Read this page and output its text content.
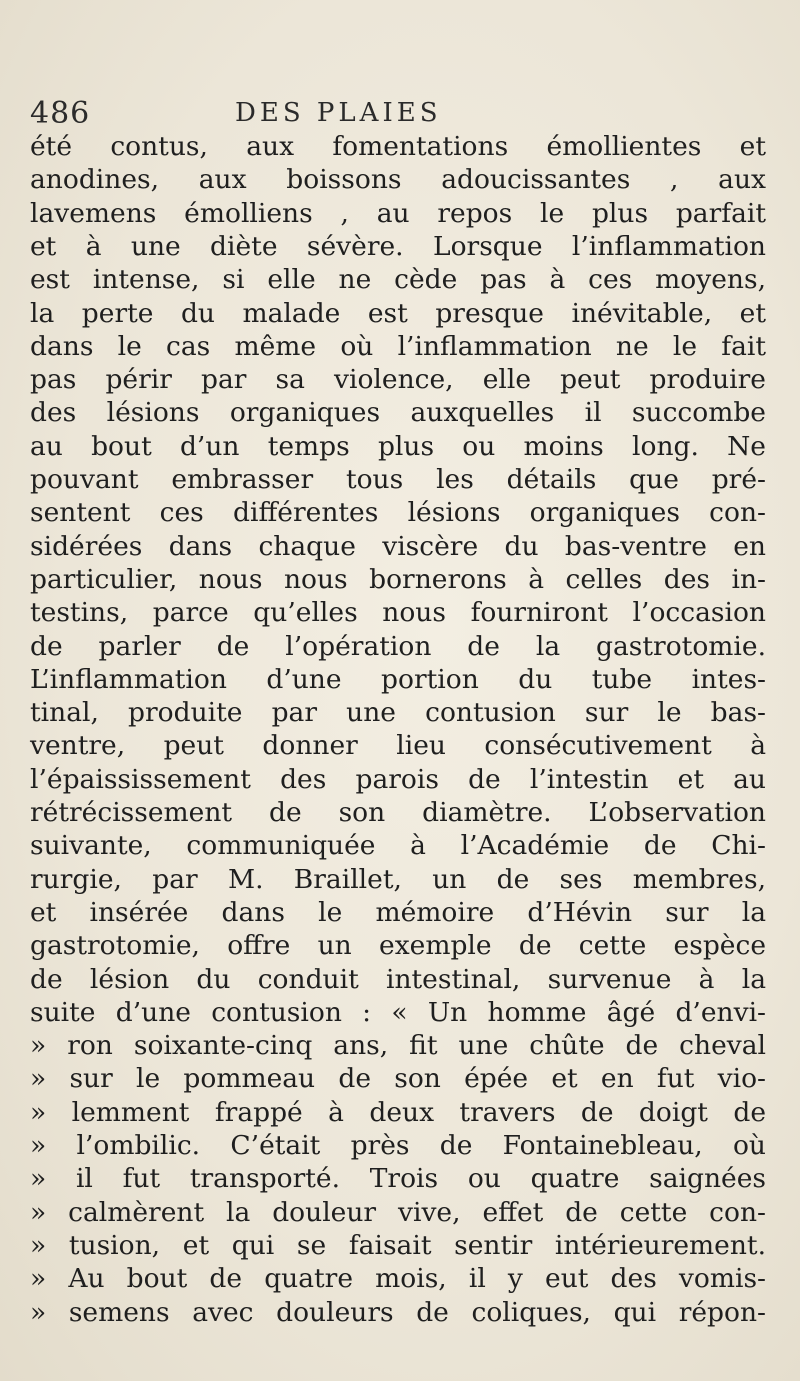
486	DES PLAIES
été contus, aux fomentations émollientes et
anodines, aux boissons adoucissantes , aux
lavemens émolliens , au repos le plus parfait
et à une diète sévère. Lorsque l’inflammation
est intense, si elle ne cède pas à ces moyens,
la perte du malade est presque inévitable, et
dans le cas même où l’inflammation ne le fait
pas périr par sa violence, elle peut produire
des lésions organiques auxquelles il succombe
au bout d’un temps plus ou moins long. Ne
pouvant embrasser tous les détails que pré-
sentent ces différentes lésions organiques con-
sidérées dans chaque viscère du bas-ventre en
particulier, nous nous bornerons à celles des in-
testins, parce qu’elles nous fourniront l’occasion
de parler de l’opération de la gastrotomie.
L’inflammation d’une portion du tube intes-
tinal, produite par une contusion sur le bas-
ventre, peut donner lieu consécutivement à
l’épaississement des parois de l’intestin et au
rétrécissement de son diamètre. L’observation
suivante, communiquée à l’Académie de Chi-
rurgie, par M. Braillet, un de ses membres,
et insérée dans le mémoire d’Hévin sur la
gastrotomie, offre un exemple de cette espèce
de lésion du conduit intestinal, survenue à la
suite d’une contusion : « Un homme âgé d’envi-
» ron soixante-cinq ans, fit une chûte de cheval
» sur le pommeau de son épée et en fut vio-
» lemment frappé à deux travers de doigt de
» l’ombilic. C’était près de Fontainebleau, où
» il fut transporté. Trois ou quatre saignées
» calmèrent la douleur vive, effet de cette con-
» tusion, et qui se faisait sentir intérieurement.
» Au bout de quatre mois, il y eut des vomis-
» semens avec douleurs de coliques, qui répon-
